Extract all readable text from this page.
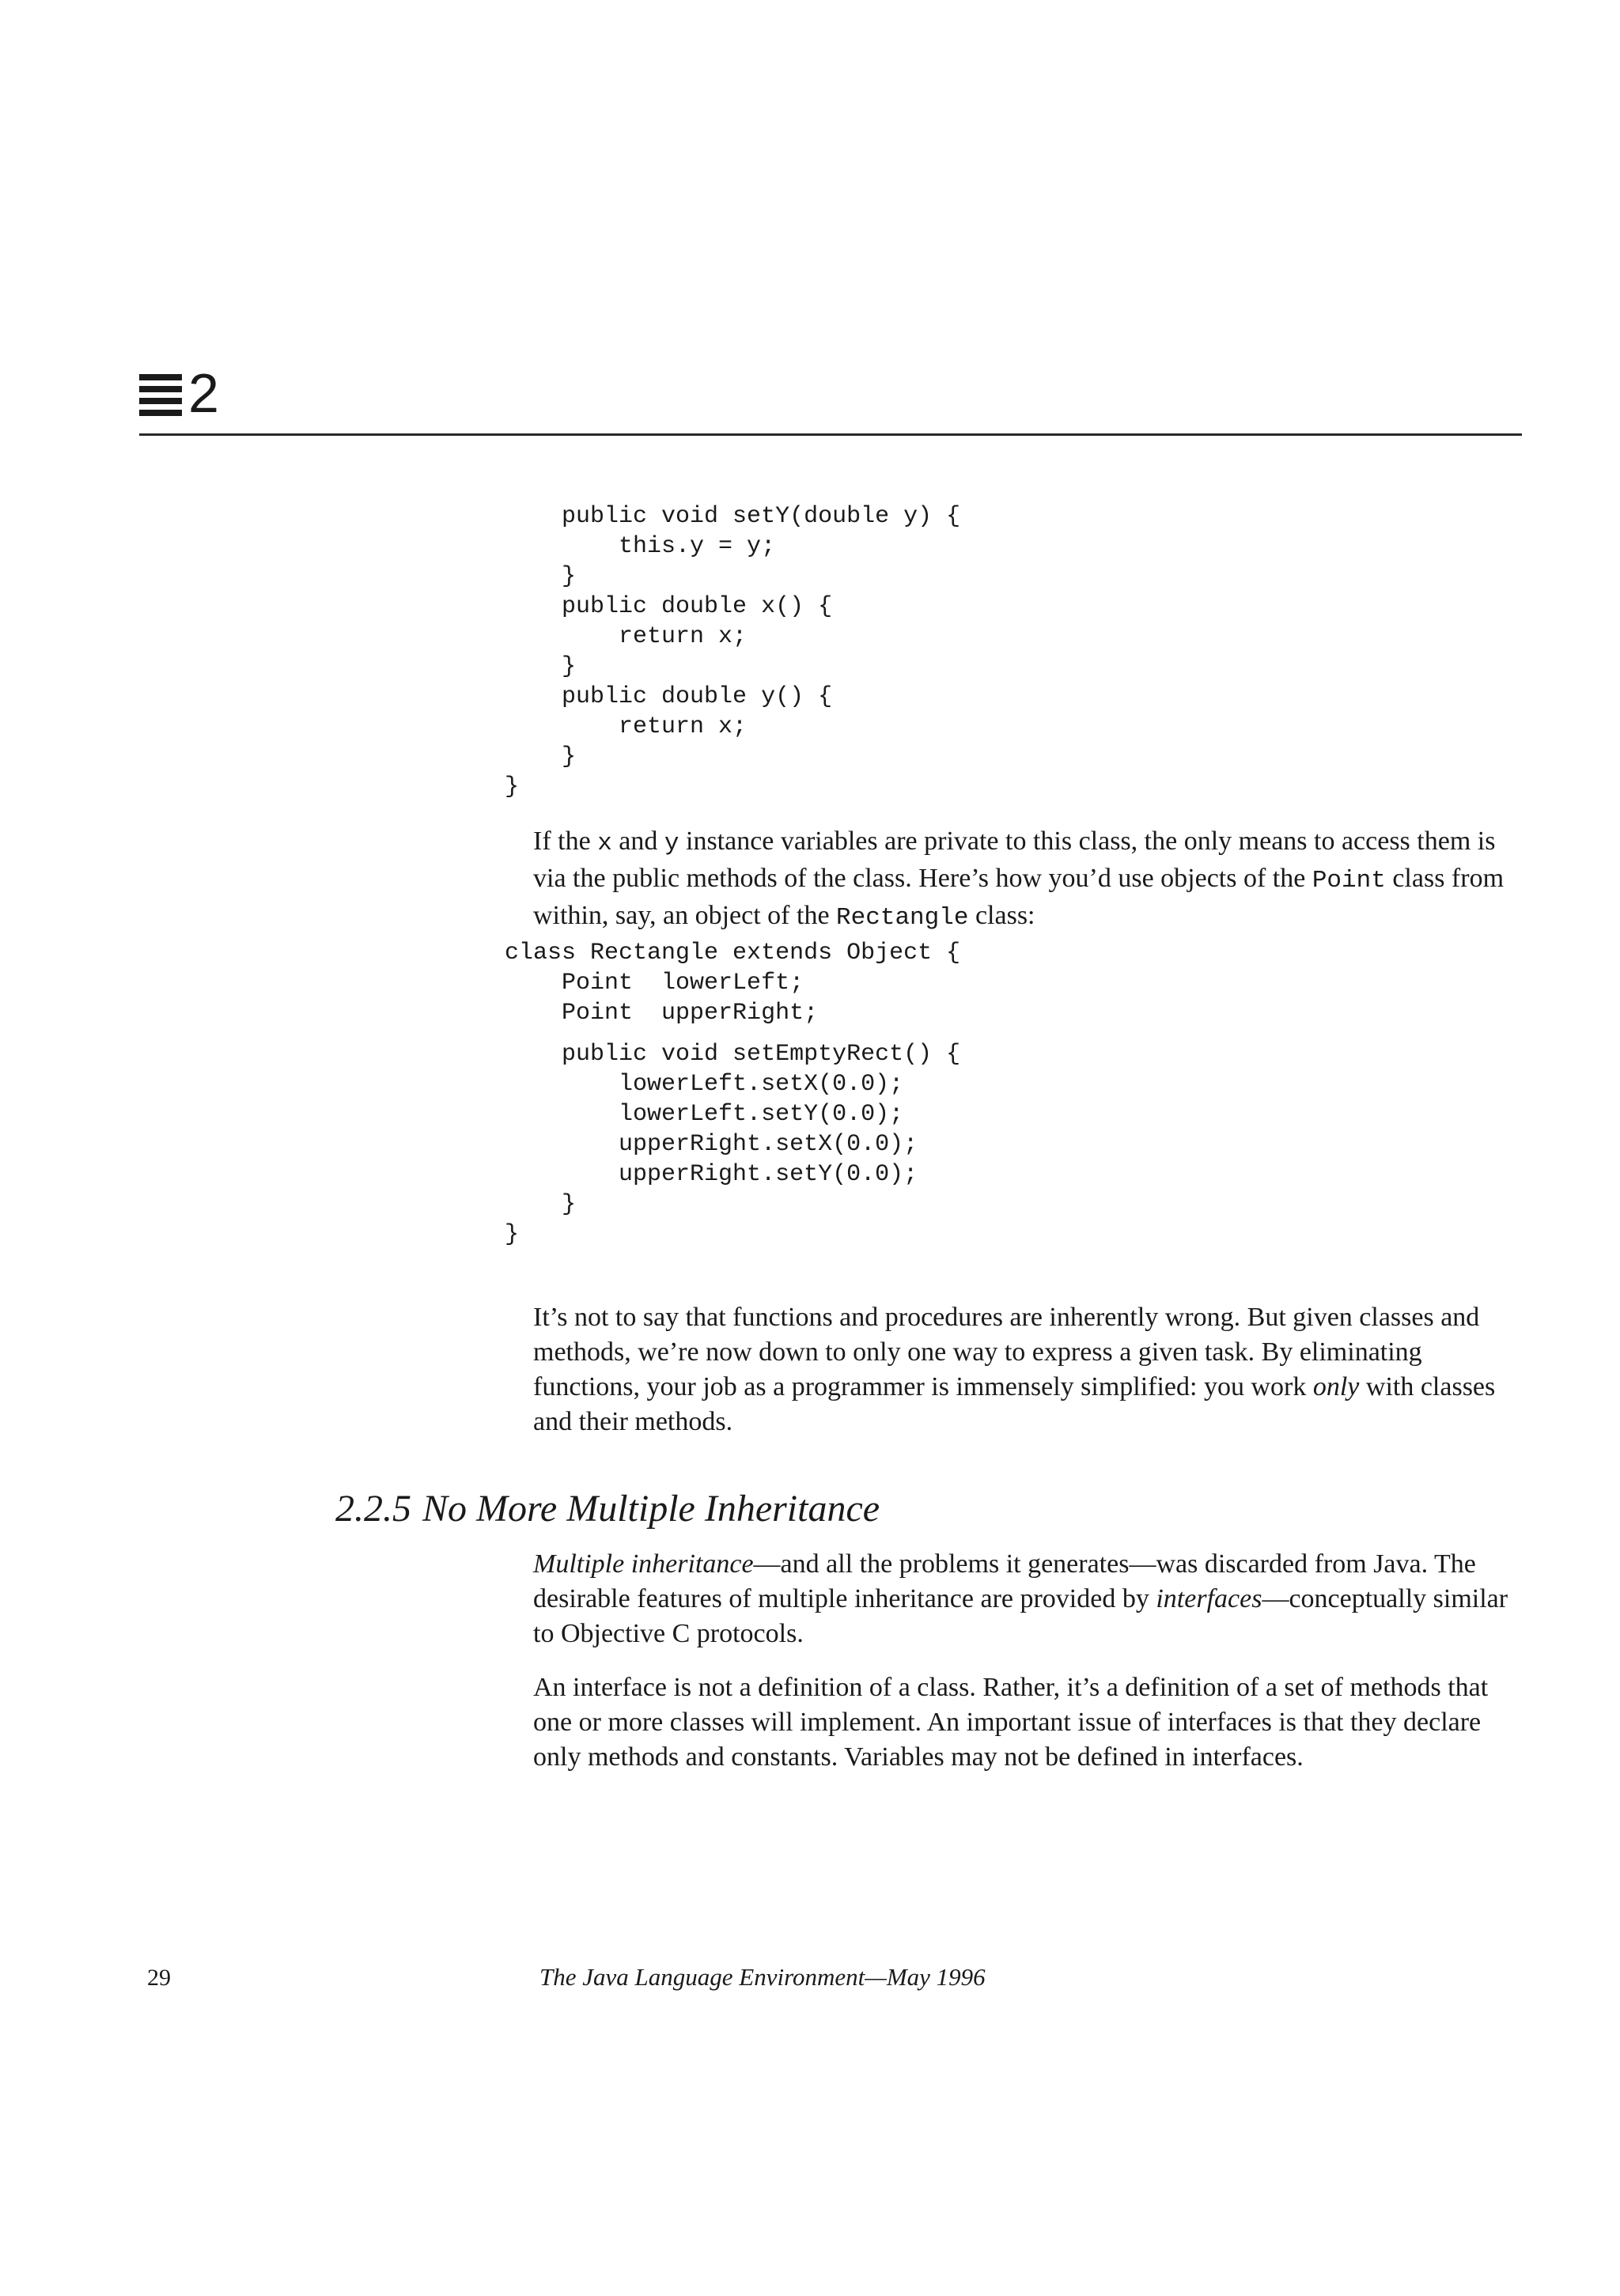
2
public void setY(double y) {
this.y = y;
}
public double x() {
return x;
}
public double y() {
return x;
}
}

If the x and y instance variables are private to this class, the only means to access them is via the public methods of the class. Here’s how you’d use objects of the Point class from within, say, an object of the Rectangle class:

class Rectangle extends Object {
Point  lowerLeft;
Point  upperRight;
public void setEmptyRect() {
lowerLeft.setX(0.0);
lowerLeft.setY(0.0);
upperRight.setX(0.0);
upperRight.setY(0.0);
}
}

It’s not to say that functions and procedures are inherently wrong. But given classes and methods, we’re now down to only one way to express a given task. By eliminating functions, your job as a programmer is immensely simplified: you work only with classes and their methods.

2.2.5 No More Multiple Inheritance

Multiple inheritance—and all the problems it generates—was discarded from Java. The desirable features of multiple inheritance are provided by interfaces—conceptually similar to Objective C protocols.

An interface is not a definition of a class. Rather, it’s a definition of a set of methods that one or more classes will implement. An important issue of interfaces is that they declare only methods and constants. Variables may not be defined in interfaces.

29	The Java Language Environment—May 1996
